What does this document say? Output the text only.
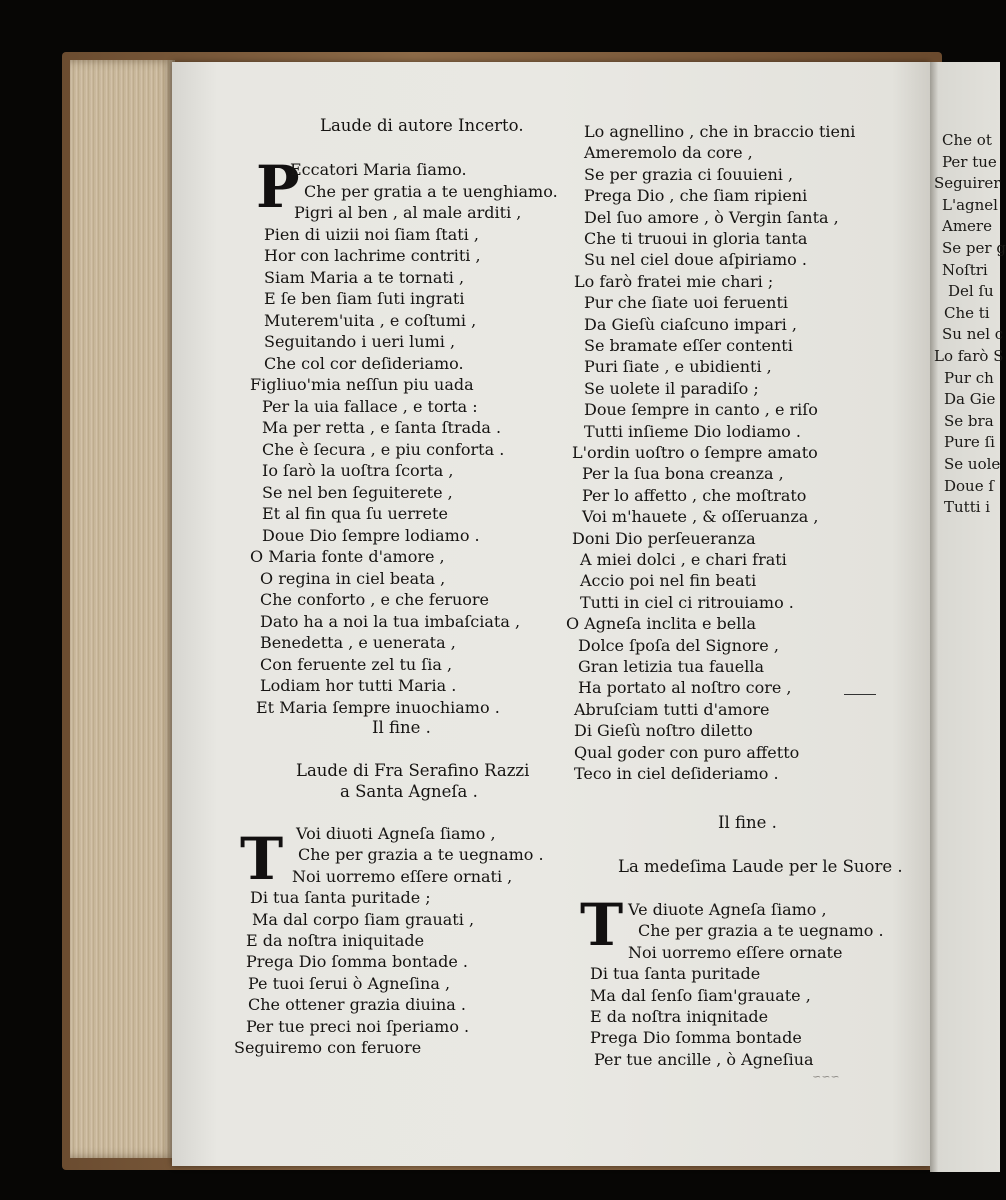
Laude di autore Incerto.
P
Eccatori Maria ſiamo.
Che per gratia a te uenghiamo.
Pigri al ben , al male arditi ,
Pien di uizii noi ſiam ſtati ,
Hor con lachrime contriti ,
Siam Maria a te tornati ,
E ſe ben ſiam ſuti ingrati
Muterem'uita , e coſtumi ,
Seguitando i ueri lumi ,
Che col cor deſideriamo.
Figliuo'mia neſſun piu uada
Per la uia fallace , e torta :
Ma per retta , e ſanta ſtrada .
Che è ſecura , e piu conforta .
Io ſarò la uoſtra ſcorta ,
Se nel ben ſeguiterete ,
Et al fin qua ſu uerrete
Doue Dio ſempre lodiamo .
O Maria fonte d'amore ,
O regina in ciel beata ,
Che conforto , e che feruore
Dato ha a noi la tua imbaſciata ,
Benedetta , e uenerata ,
Con feruente zel tu ſia ,
Lodiam hor tutti Maria .
Et Maria ſempre inuochiamo .
Il fine .
Laude di Fra Serafino Razzi
a Santa Agneſa .
T Voi diuoti Agneſa ſiamo ,
Che per grazia a te uegnamo .
Noi uorremo eſſere ornati ,
Di tua ſanta puritade ;
Ma dal corpo ſiam grauati ,
E da noſtra iniquitade
Prega Dio ſomma bontade .
Pe tuoi ſerui ò Agneſina ,
Che ottener grazia diuina .
Per tue preci noi ſperiamo .
Seguiremo con feruore
Lo agnellino , che in braccio tieni
Ameremolo da core ,
Se per grazia ci ſouuieni ,
Prega Dio , che ſiam ripieni
Del ſuo amore , ò Vergin ſanta ,
Che ti truoui in gloria tanta
Su nel ciel doue aſpiriamo .
Lo farò fratei mie chari ;
Pur che ſiate uoi feruenti
Da Gieſù ciaſcuno impari ,
Se bramate eſſer contenti
Puri ſiate , e ubidienti ,
Se uolete il paradiſo ;
Doue ſempre in canto , e riſo
Tutti inſieme Dio lodiamo .
L'ordin uoſtro o ſempre amato
Per la ſua bona creanza ,
Per lo affetto , che moſtrato
Voi m'hauete , & oſſeruanza ,
Doni Dio perſeueranza
A miei dolci , e chari frati
Accio poi nel fin beati
Tutti in ciel ci ritrouiamo .
O Agneſa inclita e bella
Dolce ſpoſa del Signore ,
Gran letizia tua fauella
Ha portato al noſtro core ,
Abruſciam tutti d'amore
Di Gieſù noſtro diletto
Qual goder con puro affetto
Teco in ciel deſideriamo .
Il fine .
La medeſima Laude per le Suore .
T Ve diuote Agneſa ſiamo ,
Che per grazia a te uegnamo .
Noi uorremo eſſere ornate
Di tua ſanta puritade
Ma dal ſenſo ſiam'grauate ,
E da noſtra iniqnitade
Prega Dio ſomma bontade
Per tue ancille , ò Agneſiua
~~~
Che ot
Per tue
Seguirer
L'agnel
Amere
Se per g
Noſtri
Del ſu
Che ti
Su nel c
Lo farò S
Pur ch
Da Gie
Se bra
Pure ſi
Se uole
Doue ſ
Tutti i
